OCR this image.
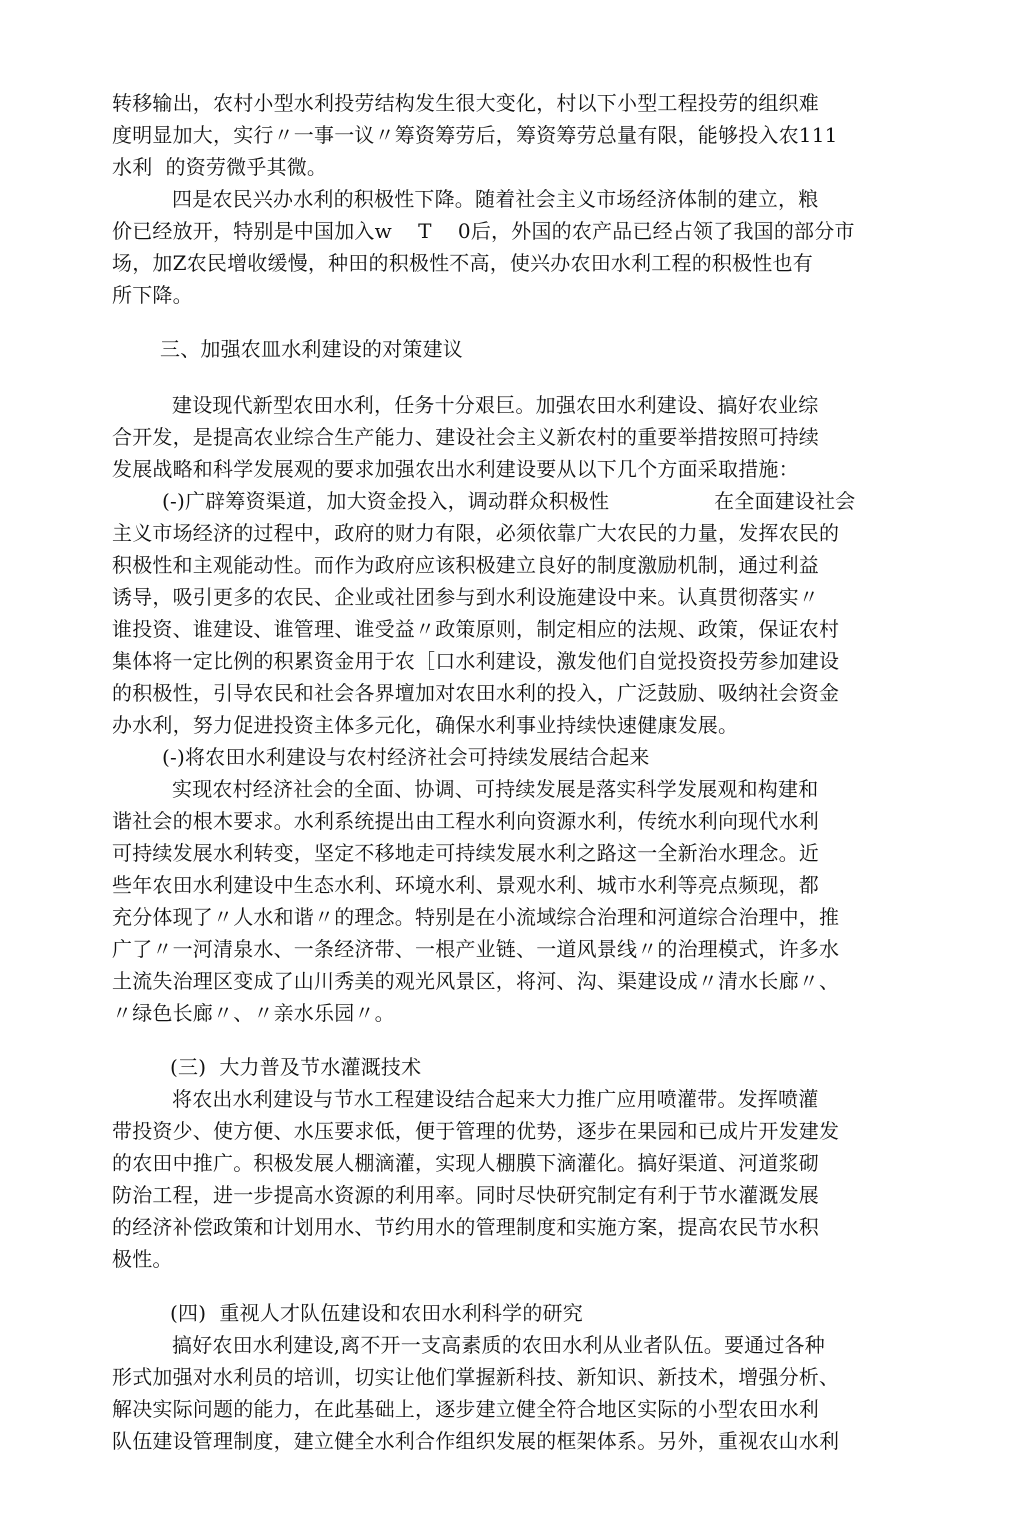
转移输出，农村小型水利投劳结构发生很大变化，村以下小型工程投劳的组织难
度明显加大，实行〃一事一议〃筹资筹劳后，筹资筹劳总量有限，能够投入农111
水利  的资劳微乎其微。
四是农民兴办水利的积极性下降。随着社会主义市场经济体制的建立，粮
价已经放开，特别是中国加入w    T    0后，外国的农产品已经占领了我国的部分市
场，加Z农民增收缓慢，种田的积极性不高，使兴办农田水利工程的积极性也有
所下降。
三、加强农皿水利建设的对策建议
建设现代新型农田水利，任务十分艰巨。加强农田水利建设、搞好农业综
合开发，是提高农业综合生产能力、建设社会主义新农村的重要举措按照可持续
发展战略和科学发展观的要求加强农出水利建设要从以下几个方面采取措施：
(-)广辟筹资渠道，加大资金投入，调动群众积极性                在全面建设社会
主义市场经济的过程中，政府的财力有限，必须依靠广大农民的力量，发挥农民的
积极性和主观能动性。而作为政府应该积极建立良好的制度激励机制，通过利益
诱导，吸引更多的农民、企业或社团参与到水利设施建设中来。认真贯彻落实〃
谁投资、谁建设、谁管理、谁受益〃政策原则，制定相应的法规、政策，保证农村
集体将一定比例的积累资金用于农［口水利建设，激发他们自觉投资投劳参加建设
的积极性，引导农民和社会各界壇加对农田水利的投入，广泛鼓励、吸纳社会资金
办水利，努力促进投资主体多元化，确保水利事业持续快速健康发展。
(-)将农田水利建设与农村经济社会可持续发展结合起来
实现农村经济社会的全面、协调、可持续发展是落实科学发展观和构建和
谐社会的根木要求。水利系统提出由工程水利向资源水利，传统水利向现代水利
可持续发展水利转变，坚定不移地走可持续发展水利之路这一全新治水理念。近
些年农田水利建设中生态水利、环境水利、景观水利、城市水利等亮点频现，都
充分体现了〃人水和谐〃的理念。特别是在小流域综合治理和河道综合治理中，推
广了〃一河清泉水、一条经济带、一根产业链、一道风景线〃的治理模式，许多水
土流失治理区变成了山川秀美的观光风景区，将河、沟、渠建设成〃清水长廊〃、
〃绿色长廊〃、〃亲水乐园〃。
(三)  大力普及节水灌溉技术
将农出水利建设与节水工程建设结合起来大力推广应用喷灌带。发挥喷灌
带投资少、使方便、水压要求低，便于管理的优势，逐步在果园和已成片开发建发
的农田中推广。积极发展人棚滴灌，实现人棚膜下滴灌化。搞好渠道、河道浆砌
防治工程，进一步提高水资源的利用率。同时尽快研究制定有利于节水灌溉发展
的经济补偿政策和计划用水、节约用水的管理制度和实施方案，提高农民节水积
极性。
(四)  重视人才队伍建设和农田水利科学的研究
搞好农田水利建设,离不开一支高素质的农田水利从业者队伍。要通过各种
形式加强对水利员的培训，切实让他们掌握新科技、新知识、新技术，增强分析、
解决实际问题的能力，在此基础上，逐步建立健全符合地区实际的小型农田水利
队伍建设管理制度，建立健全水利合作组织发展的框架体系。另外，重视农山水利
